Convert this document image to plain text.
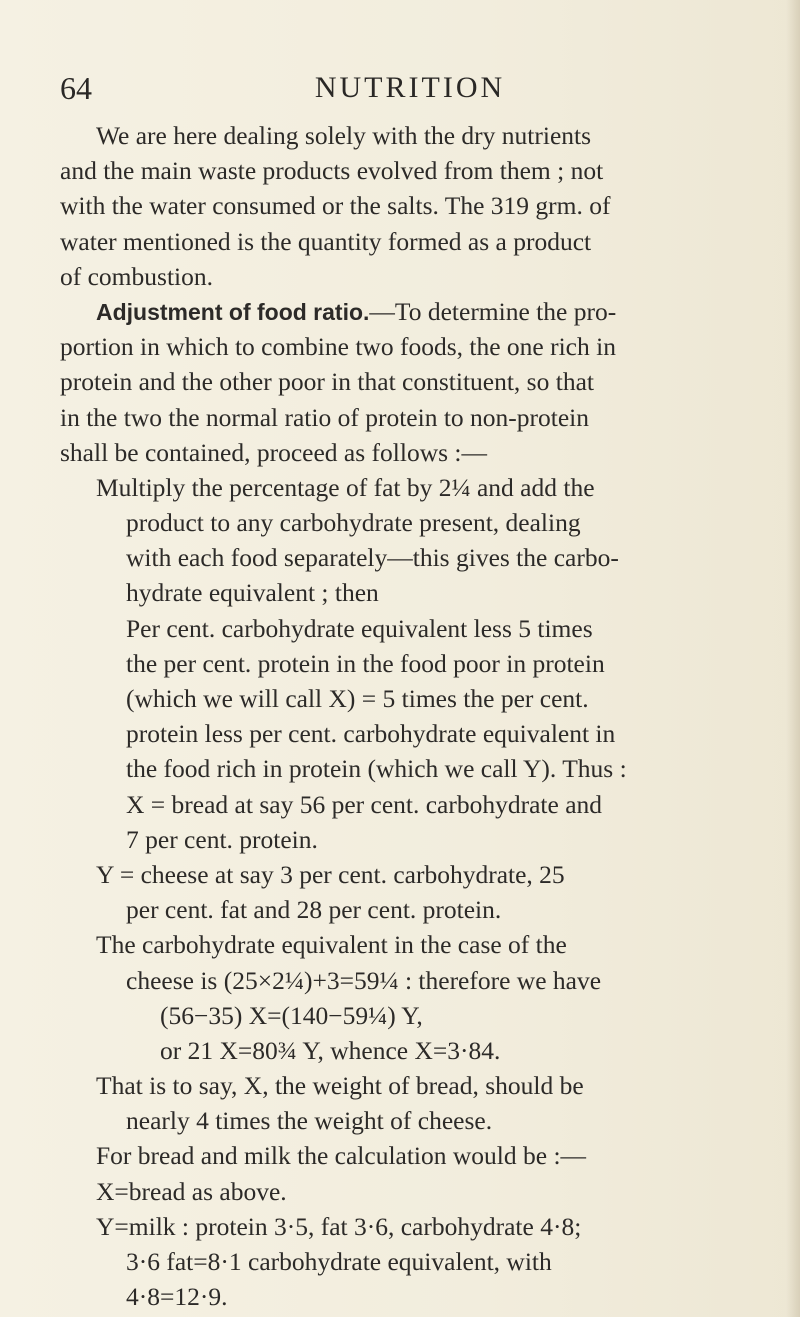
64	NUTRITION
We are here dealing solely with the dry nutrients
and the main waste products evolved from them ; not
with the water consumed or the salts. The 319 grm. of
water mentioned is the quantity formed as a product
of combustion.
Adjustment of food ratio.—To determine the pro-
portion in which to combine two foods, the one rich in
protein and the other poor in that constituent, so that
in the two the normal ratio of protein to non-protein
shall be contained, proceed as follows :—
Multiply the percentage of fat by 2¼ and add the
product to any carbohydrate present, dealing
with each food separately—this gives the carbo-
hydrate equivalent ; then
Per cent. carbohydrate equivalent less 5 times
the per cent. protein in the food poor in protein
(which we will call X) = 5 times the per cent.
protein less per cent. carbohydrate equivalent in
the food rich in protein (which we call Y). Thus :
X = bread at say 56 per cent. carbohydrate and
7 per cent. protein.
Y = cheese at say 3 per cent. carbohydrate, 25
per cent. fat and 28 per cent. protein.
The carbohydrate equivalent in the case of the
cheese is (25×2¼)+3=59¼ : therefore we have
(56−35) X=(140−59¼) Y,
or 21 X=80¾ Y, whence X=3·84.
That is to say, X, the weight of bread, should be
nearly 4 times the weight of cheese.
For bread and milk the calculation would be :—
X=bread as above.
Y=milk : protein 3·5, fat 3·6, carbohydrate 4·8;
3·6 fat=8·1 carbohydrate equivalent, with
4·8=12·9.
